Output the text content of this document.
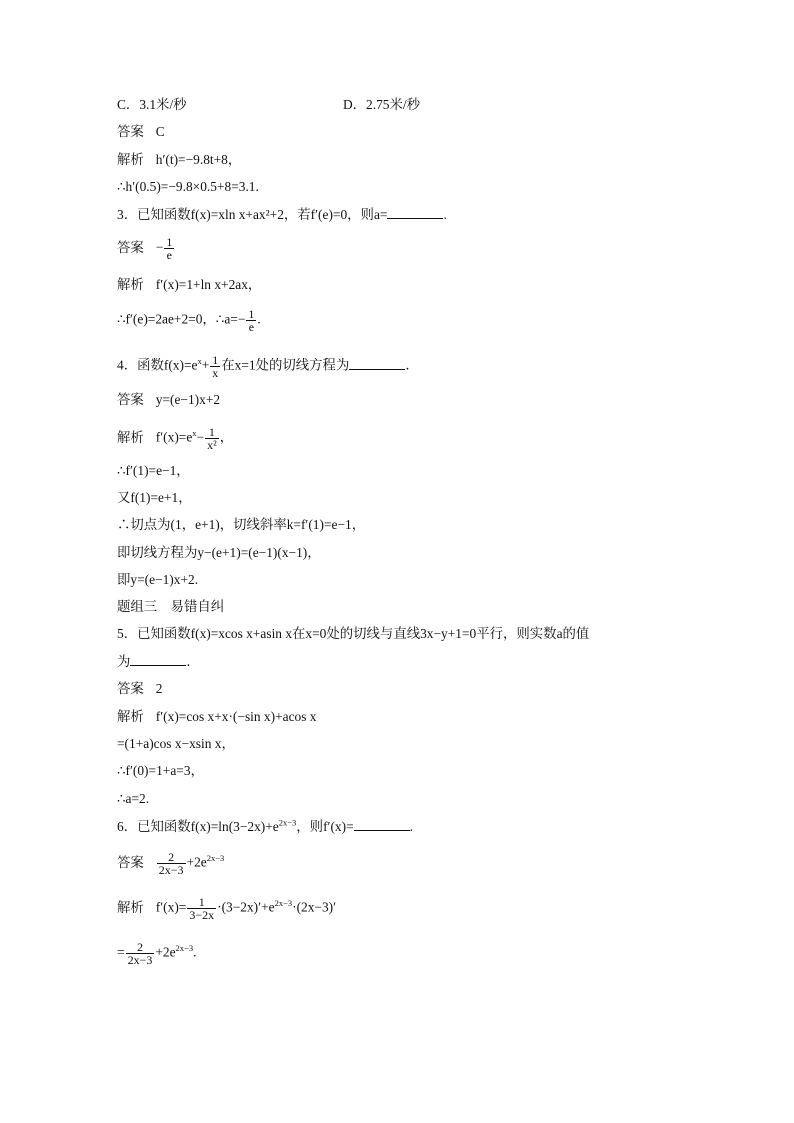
C．3.1米/秒	D．2.75米/秒
答案 C
解析 h′(t)=−9.8t+8，
∴h′(0.5)=−9.8×0.5+8=3.1.
3．已知函数f(x)=xln x+ax²+2，若f′(e)=0，则a=	.
答案 − $\frac{1}{e}$
解析 f′(x)=1+ln x+2ax，
∴f′(e)=2ae+2=0，∴a=− $\frac{1}{e}$ .
4．函数$f(x)=e^x+ \frac{1}{x}$ 在x=1处的切线方程为	．
答案 y=(e−1)x+2
解析 $f'(x)=e^x- \frac{1}{\text{x²}}$ ，
∴f′(1)=e−1，
又f(1)=e+1，
∴切点为(1，e+1)，切线斜率k=f′(1)=e−1，
即切线方程为y−(e+1)=(e−1)(x−1)，
即y=(e−1)x+2.
题组三　易错自纠
5．已知函数f(x)=xcos x+asin x在x=0处的切线与直线3x−y+1=0平行，则实数a的值
为	．
答案 2
解析 f′(x)=cos x+x·(−sin x)+acos x
=(1+a)cos x−xsin x，
∴f′(0)=1+a=3，
∴a=2.
6．已知函数$f(x)=\ln(3-2x)+e^{2x-3}$，则f′(x)=	.
答案 $\frac{2}{2x-3} +2e^{2x-3}$
解析 $f'(x)= \frac{1}{3-2x} \cdot(3-2x)'+e^{2x-3}\cdot(2x-3)'$
= $\frac{2}{2x-3} +2e^{2x-3}$.
